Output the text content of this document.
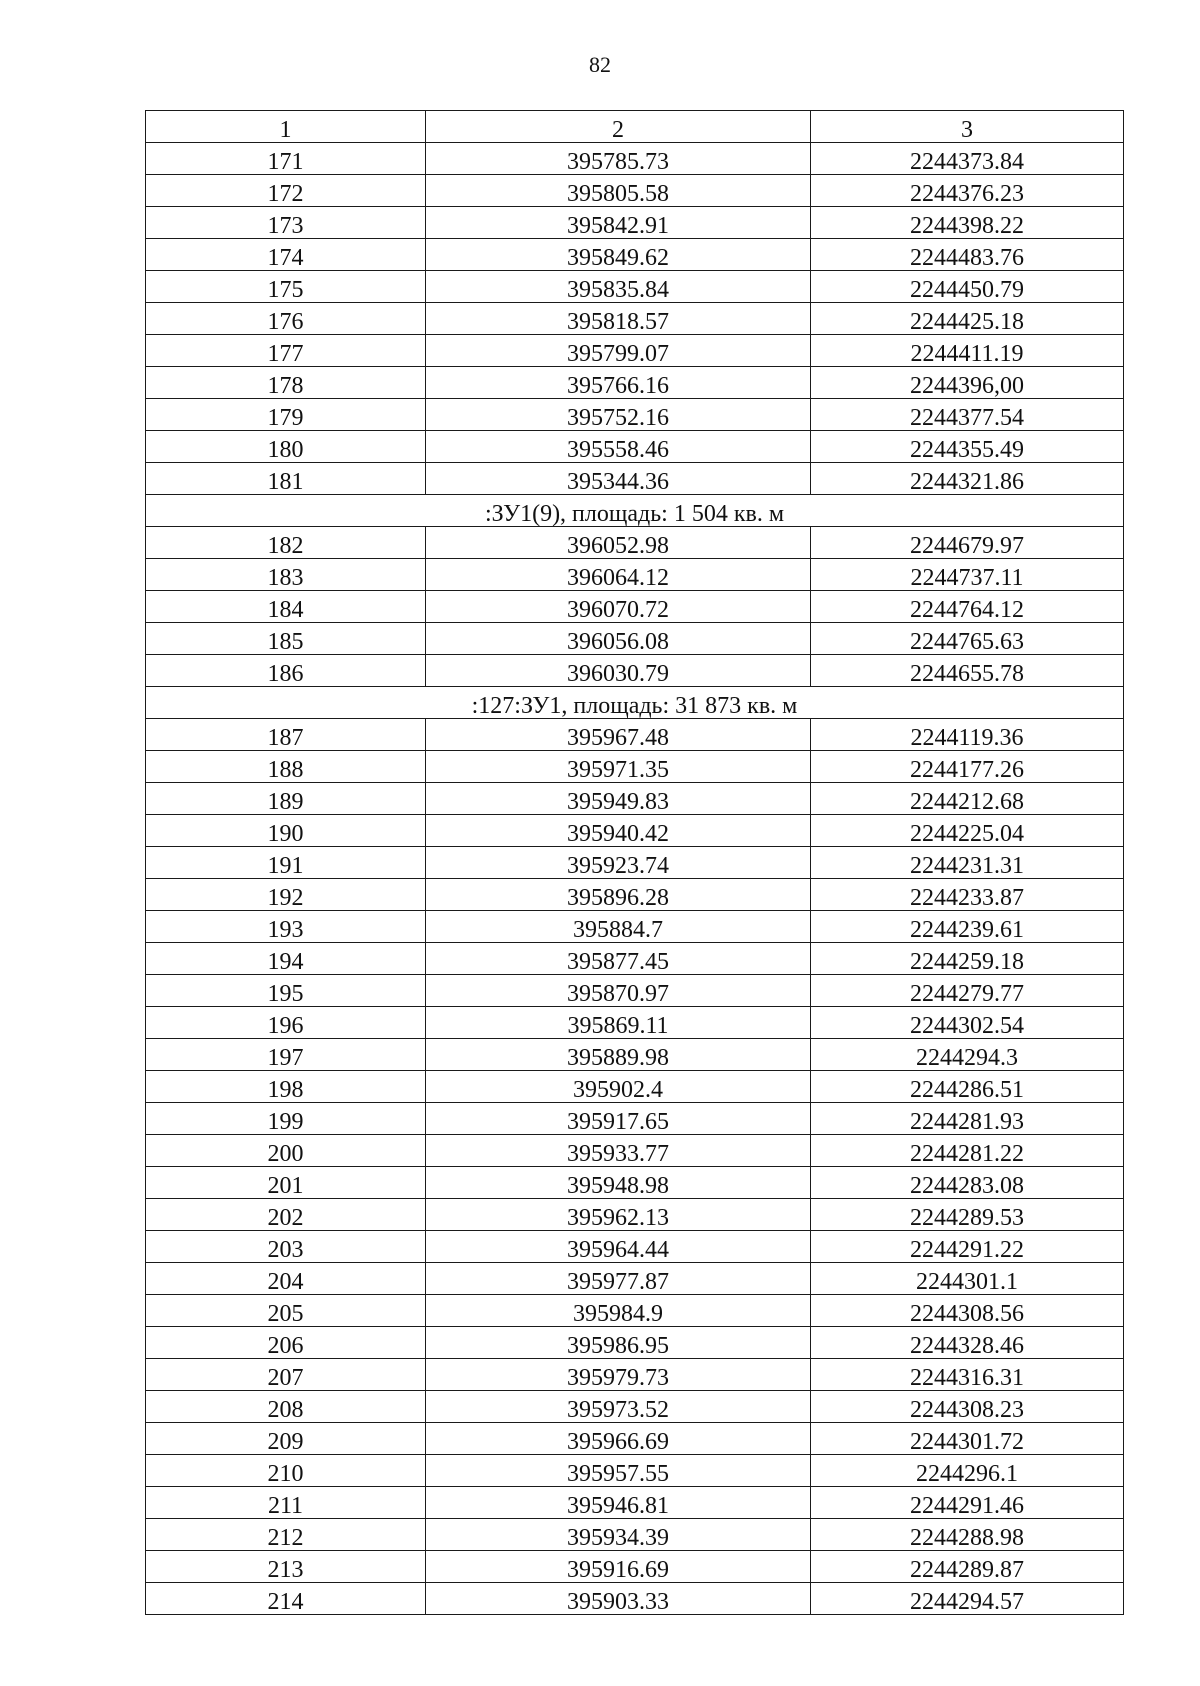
82
1	2	3
171	395785.73	2244373.84
172	395805.58	2244376.23
173	395842.91	2244398.22
174	395849.62	2244483.76
175	395835.84	2244450.79
176	395818.57	2244425.18
177	395799.07	2244411.19
178	395766.16	2244396,00
179	395752.16	2244377.54
180	395558.46	2244355.49
181	395344.36	2244321.86
:ЗУ1(9), площадь: 1 504 кв. м		
182	396052.98	2244679.97
183	396064.12	2244737.11
184	396070.72	2244764.12
185	396056.08	2244765.63
186	396030.79	2244655.78
:127:ЗУ1, площадь: 31 873 кв. м		
187	395967.48	2244119.36
188	395971.35	2244177.26
189	395949.83	2244212.68
190	395940.42	2244225.04
191	395923.74	2244231.31
192	395896.28	2244233.87
193	395884.7	2244239.61
194	395877.45	2244259.18
195	395870.97	2244279.77
196	395869.11	2244302.54
197	395889.98	2244294.3
198	395902.4	2244286.51
199	395917.65	2244281.93
200	395933.77	2244281.22
201	395948.98	2244283.08
202	395962.13	2244289.53
203	395964.44	2244291.22
204	395977.87	2244301.1
205	395984.9	2244308.56
206	395986.95	2244328.46
207	395979.73	2244316.31
208	395973.52	2244308.23
209	395966.69	2244301.72
210	395957.55	2244296.1
211	395946.81	2244291.46
212	395934.39	2244288.98
213	395916.69	2244289.87
214	395903.33	2244294.57
